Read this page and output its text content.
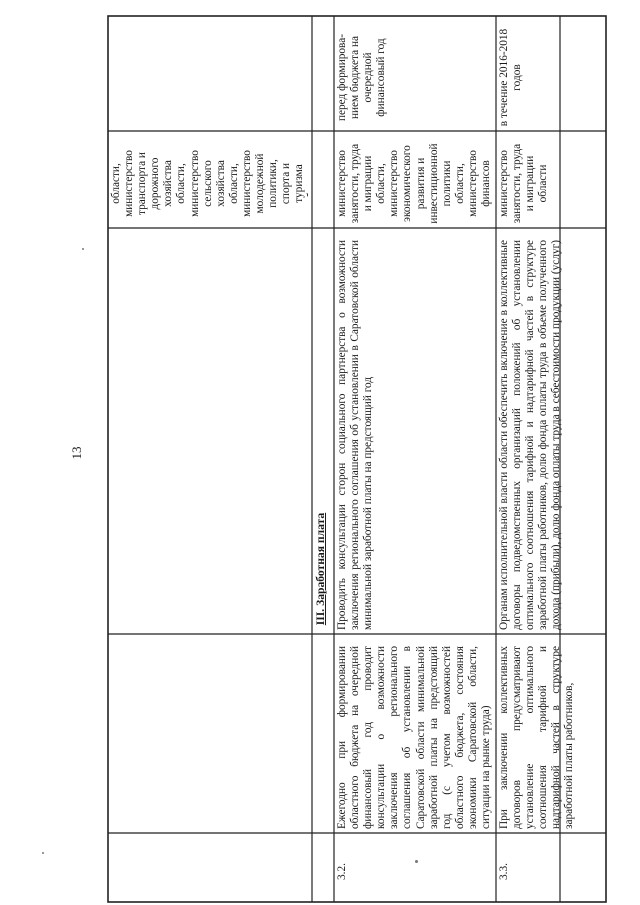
13
области, министерство транспорта и дорожного хозяйства области, министерство сельского хозяйства области, министерство молодежной политики, спорта и туризма	министерство занятости, труда и миграции области, министерство экономического развития и инвестиционной политики области, министерство финансов
перед формирова-нием бюджета на очередной финансовый год
III. Заработная плата
3.2.
Ежегодно при формировании областного бюджета на очередной финансовый год проводит консультации о возможности заключения регионального соглашения об установлении в Саратовской области минимальной заработной платы на предстоящий год (с учетом возможностей областного бюджета, состояния экономики Саратовской области, ситуации на рынке труда)
Проводить консультации сторон социального партнерства о возможности заключения регионального соглашения об установлении в Саратовской области минимальной заработной платы на предстоящий год
3.3.
При заключении коллективных договоров предусматривают установление оптимального соотношения тарифной и надтарифной частей в структуре заработной платы работников,
Органам исполнительной власти области обеспечить включение в коллективные договоры подведомственных организаций положений об установлении оптимального соотношения тарифной и надтарифной частей в структуре заработной платы работников, долю фонда оплаты труда в объеме полученного дохода (прибыли), долю фонда оплаты труда в себестоимости продукции (услуг)
министерство занятости, труда и миграции области
в течение 2016-2018 годов
